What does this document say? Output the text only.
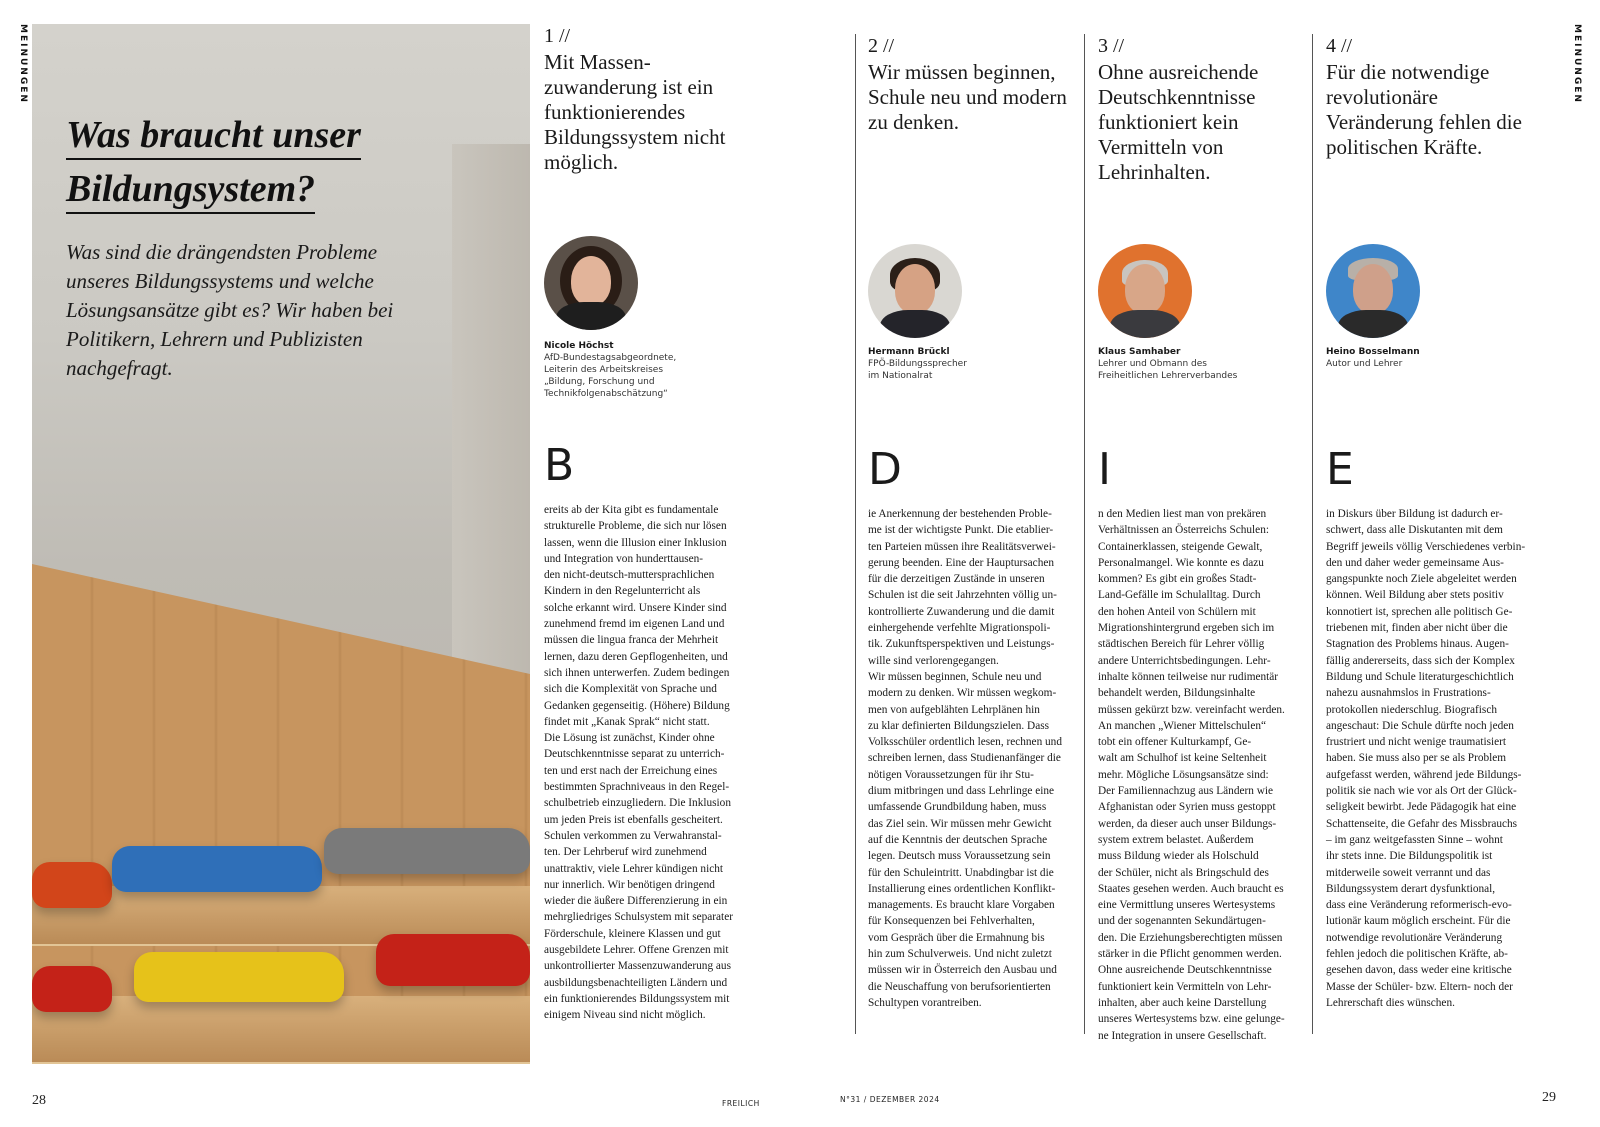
MEINUNGEN	MEINUNGEN
Was braucht unser
Bildungsystem?

Was sind die drängendsten Probleme unseres Bildungssystems und welche Lösungsansätze gibt es? Wir haben bei Politikern, Lehrern und Publizisten nachgefragt.

1 //
Mit Massen-zuwanderung ist ein funktionierendes Bildungssystem nicht möglich.
Nicole Höchst
AfD-Bundestagsabgeordnete,
Leiterin des Arbeitskreises
„Bildung, Forschung und
Technikfolgenabschätzung“
B

ereits ab der Kita gibt es fundamentale
strukturelle Probleme, die sich nur lösen
lassen, wenn die Illusion einer Inklusion
und Integration von hunderttausen-
den nicht-deutsch-muttersprachlichen
Kindern in den Regelunterricht als
solche erkannt wird. Unsere Kinder sind
zunehmend fremd im eigenen Land und
müssen die lingua franca der Mehrheit
lernen, dazu deren Gepflogenheiten, und
sich ihnen unterwerfen. Zudem bedingen
sich die Komplexität von Sprache und
Gedanken gegenseitig. (Höhere) Bildung
findet mit „Kanak Sprak“ nicht statt.
Die Lösung ist zunächst, Kinder ohne
Deutschkenntnisse separat zu unterrich-
ten und erst nach der Erreichung eines
bestimmten Sprachniveaus in den Regel-
schulbetrieb einzugliedern. Die Inklusion
um jeden Preis ist ebenfalls gescheitert.
Schulen verkommen zu Verwahranstal-
ten. Der Lehrberuf wird zunehmend
unattraktiv, viele Lehrer kündigen nicht
nur innerlich. Wir benötigen dringend
wieder die äußere Differenzierung in ein
mehrgliedriges Schulsystem mit separater
Förderschule, kleinere Klassen und gut
ausgebildete Lehrer. Offene Grenzen mit
unkontrollierter Massenzuwanderung aus
ausbildungsbenachteiligten Ländern und
ein funktionierendes Bildungssystem mit
einigem Niveau sind nicht möglich.

2 //
Wir müssen beginnen, Schule neu und modern zu denken.
Hermann Brückl
FPÖ-Bildungssprecher
im Nationalrat
D

ie Anerkennung der bestehenden Proble-
me ist der wichtigste Punkt. Die etablier-
ten Parteien müssen ihre Realitätsverwei-
gerung beenden. Eine der Hauptursachen
für die derzeitigen Zustände in unseren
Schulen ist die seit Jahrzehnten völlig un-
kontrollierte Zuwanderung und die damit
einhergehende verfehlte Migrationspoli-
tik. Zukunftsperspektiven und Leistungs-
wille sind verlorengegangen.
Wir müssen beginnen, Schule neu und
modern zu denken. Wir müssen wegkom-
men von aufgeblähten Lehrplänen hin
zu klar definierten Bildungszielen. Dass
Volksschüler ordentlich lesen, rechnen und
schreiben lernen, dass Studienanfänger die
nötigen Voraussetzungen für ihr Stu-
dium mitbringen und dass Lehrlinge eine
umfassende Grundbildung haben, muss
das Ziel sein. Wir müssen mehr Gewicht
auf die Kenntnis der deutschen Sprache
legen. Deutsch muss Voraussetzung sein
für den Schuleintritt. Unabdingbar ist die
Installierung eines ordentlichen Konflikt-
managements. Es braucht klare Vorgaben
für Konsequenzen bei Fehlverhalten,
vom Gespräch über die Ermahnung bis
hin zum Schulverweis. Und nicht zuletzt
müssen wir in Österreich den Ausbau und
die Neuschaffung von berufsorientierten
Schultypen vorantreiben.

3 //
Ohne ausreichende Deutschkenntnisse funktioniert kein Vermitteln von Lehrinhalten.
Klaus Samhaber
Lehrer und Obmann des
Freiheitlichen Lehrerverbandes
I

n den Medien liest man von prekären
Verhältnissen an Österreichs Schulen:
Containerklassen, steigende Gewalt,
Personalmangel. Wie konnte es dazu
kommen? Es gibt ein großes Stadt-
Land-Gefälle im Schulalltag. Durch
den hohen Anteil von Schülern mit
Migrationshintergrund ergeben sich im
städtischen Bereich für Lehrer völlig
andere Unterrichtsbedingungen. Lehr-
inhalte können teilweise nur rudimentär
behandelt werden, Bildungsinhalte
müssen gekürzt bzw. vereinfacht werden.
An manchen „Wiener Mittelschulen“
tobt ein offener Kulturkampf, Ge-
walt am Schulhof ist keine Seltenheit
mehr. Mögliche Lösungsansätze sind:
Der Familiennachzug aus Ländern wie
Afghanistan oder Syrien muss gestoppt
werden, da dieser auch unser Bildungs-
system extrem belastet. Außerdem
muss Bildung wieder als Holschuld
der Schüler, nicht als Bringschuld des
Staates gesehen werden. Auch braucht es
eine Vermittlung unseres Wertesystems
und der sogenannten Sekundärtugen-
den. Die Erziehungsberechtigten müssen
stärker in die Pflicht genommen werden.
Ohne ausreichende Deutschkenntnisse
funktioniert kein Vermitteln von Lehr-
inhalten, aber auch keine Darstellung
unseres Wertesystems bzw. eine gelunge-
ne Integration in unsere Gesellschaft.

4 //
Für die notwendige revolutionäre Veränderung fehlen die politischen Kräfte.
Heino Bosselmann
Autor und Lehrer
E

in Diskurs über Bildung ist dadurch er-
schwert, dass alle Diskutanten mit dem
Begriff jeweils völlig Verschiedenes verbin-
den und daher weder gemeinsame Aus-
gangspunkte noch Ziele abgeleitet werden
können. Weil Bildung aber stets positiv
konnotiert ist, sprechen alle politisch Ge-
triebenen mit, finden aber nicht über die
Stagnation des Problems hinaus. Augen-
fällig andererseits, dass sich der Komplex
Bildung und Schule literaturgeschichtlich
nahezu ausnahmslos in Frustrations-
protokollen niederschlug. Biografisch
angeschaut: Die Schule dürfte noch jeden
frustriert und nicht wenige traumatisiert
haben. Sie muss also per se als Problem
aufgefasst werden, während jede Bildungs-
politik sie nach wie vor als Ort der Glück-
seligkeit bewirbt. Jede Pädagogik hat eine
Schattenseite, die Gefahr des Missbrauchs
– im ganz weitgefassten Sinne – wohnt
ihr stets inne. Die Bildungspolitik ist
mitderweile soweit verrannt und das
Bildungssystem derart dysfunktional,
dass eine Veränderung reformerisch-evo-
lutionär kaum möglich erscheint. Für die
notwendige revolutionäre Veränderung
fehlen jedoch die politischen Kräfte, ab-
gesehen davon, dass weder eine kritische
Masse der Schüler- bzw. Eltern- noch der
Lehrerschaft dies wünschen.

28	FREILICH	N°31 / DEZEMBER 2024	29
